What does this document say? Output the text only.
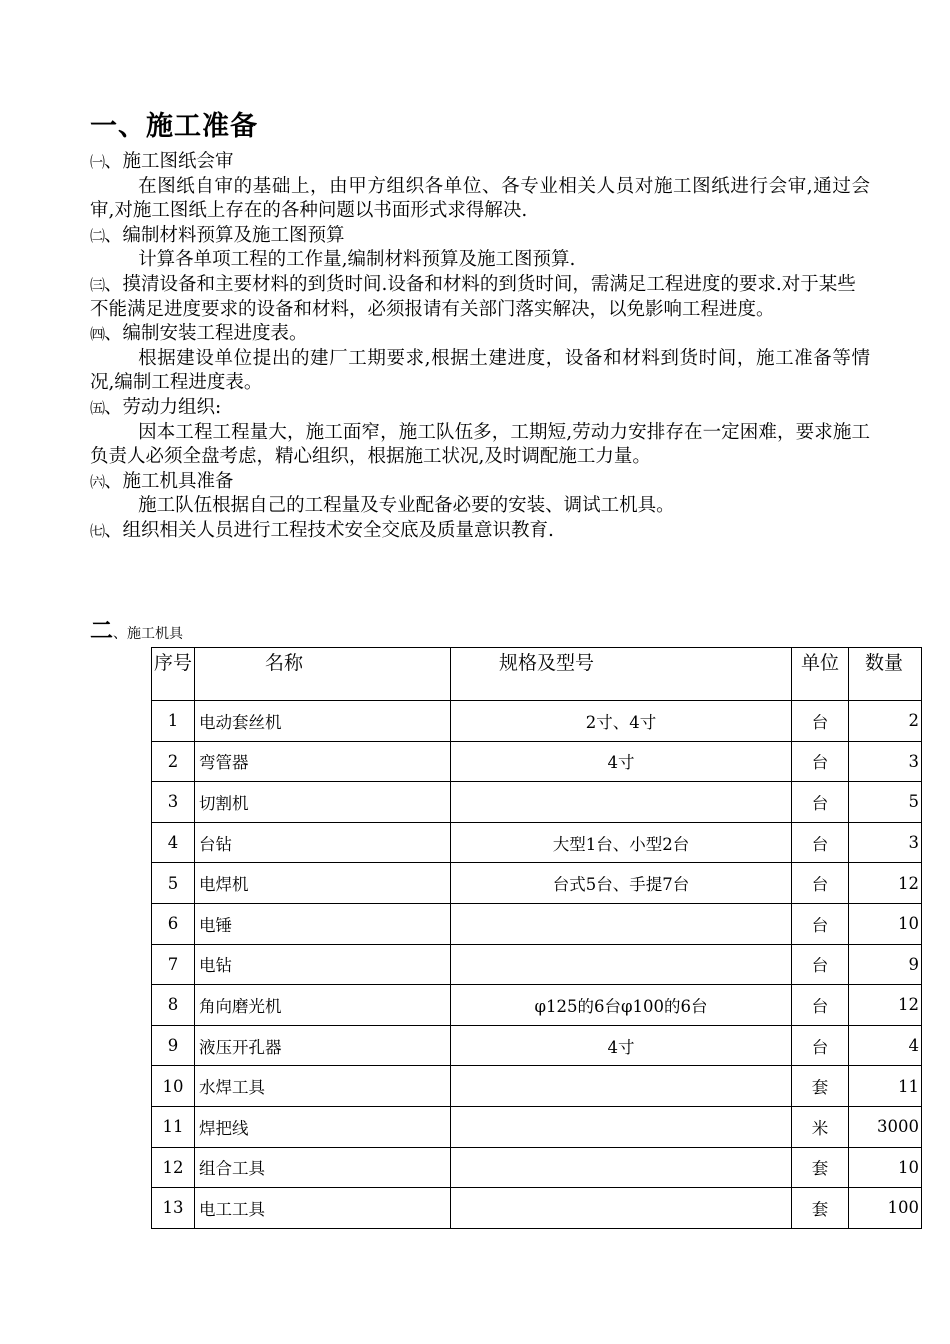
一、施工准备
㈠、施工图纸会审
在图纸自审的基础上，由甲方组织各单位、各专业相关人员对施工图纸进行会审,通过会审,对施工图纸上存在的各种问题以书面形式求得解决.
㈡、编制材料预算及施工图预算
计算各单项工程的工作量,编制材料预算及施工图预算.
㈢、摸清设备和主要材料的到货时间.设备和材料的到货时间，需满足工程进度的要求.对于某些不能满足进度要求的设备和材料，必须报请有关部门落实解决，以免影响工程进度。
㈣、编制安装工程进度表。
根据建设单位提出的建厂工期要求,根据土建进度，设备和材料到货时间，施工准备等情况,编制工程进度表。
㈤、劳动力组织:
因本工程工程量大，施工面窄，施工队伍多，工期短,劳动力安排存在一定困难，要求施工负责人必须全盘考虑，精心组织，根据施工状况,及时调配施工力量。
㈥、施工机具准备
施工队伍根据自己的工程量及专业配备必要的安装、调试工机具。
㈦、组织相关人员进行工程技术安全交底及质量意识教育.
二、施工机具
序号	名称	规格及型号	单位	数量
1	电动套丝机	2寸、4寸	台	2
2	弯管器	4寸	台	3
3	切割机		台	5
4	台钻	大型1台、小型2台	台	3
5	电焊机	台式5台、手提7台	台	12
6	电锤		台	10
7	电钻		台	9
8	角向磨光机	φ125的6台φ100的6台	台	12
9	液压开孔器	4寸	台	4
10	水焊工具		套	11
11	焊把线		米	3000
12	组合工具		套	10
13	电工工具		套	100
